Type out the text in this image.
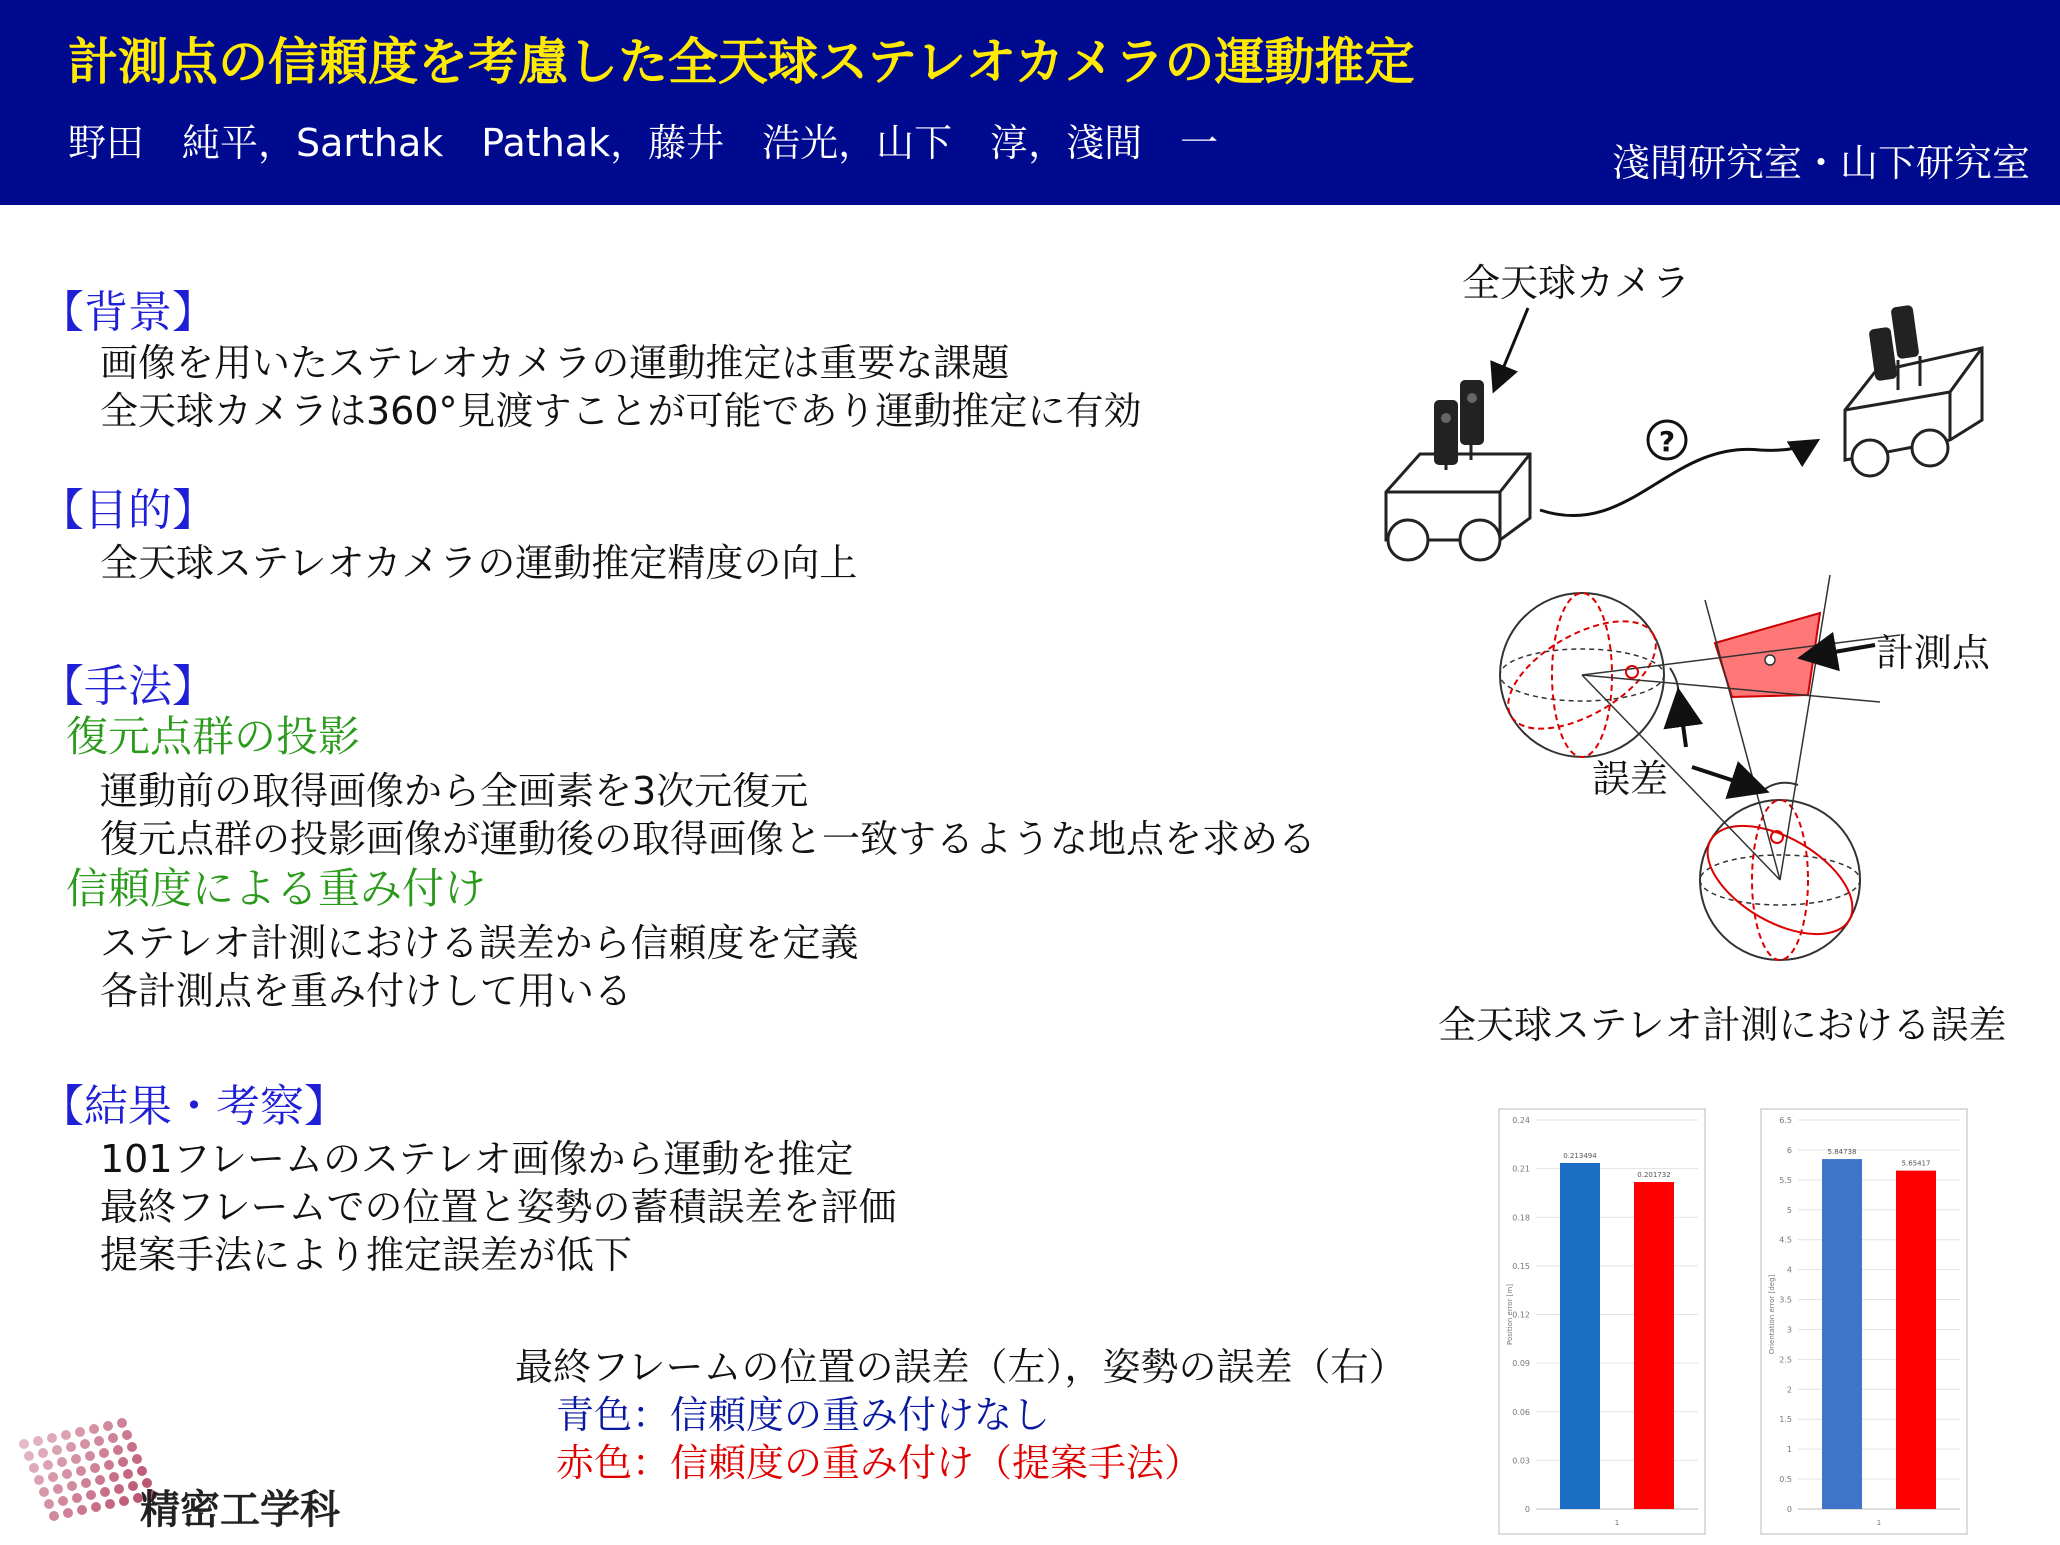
計測点の信頼度を考慮した全天球ステレオカメラの運動推定
野田　純平，Sarthak　Pathak，藤井　浩光，山下　淳，淺間　一	淺間研究室・山下研究室
【背景】
画像を用いたステレオカメラの運動推定は重要な課題
全天球カメラは360°見渡すことが可能であり運動推定に有効
【目的】
全天球ステレオカメラの運動推定精度の向上
【手法】
復元点群の投影
運動前の取得画像から全画素を3次元復元
復元点群の投影画像が運動後の取得画像と一致するような地点を求める
信頼度による重み付け
ステレオ計測における誤差から信頼度を定義
各計測点を重み付けして用いる
【結果・考察】
101フレームのステレオ画像から運動を推定
最終フレームでの位置と姿勢の蓄積誤差を評価
提案手法により推定誤差が低下
最終フレームの位置の誤差（左），姿勢の誤差（右）
青色：信頼度の重み付けなし
赤色：信頼度の重み付け（提案手法）
全天球カメラ
?
計測点
誤差
全天球ステレオ計測における誤差
0
0.03
0.06
0.09
0.12
0.15
0.18
0.21
0.24
Position error [m]
0.213494
0.201732
1
0
0.5
1
1.5
2
2.5
3
3.5
4
4.5
5
5.5
6
6.5
Orientation error [deg]
5.84738
5.65417
1
精密工学科
